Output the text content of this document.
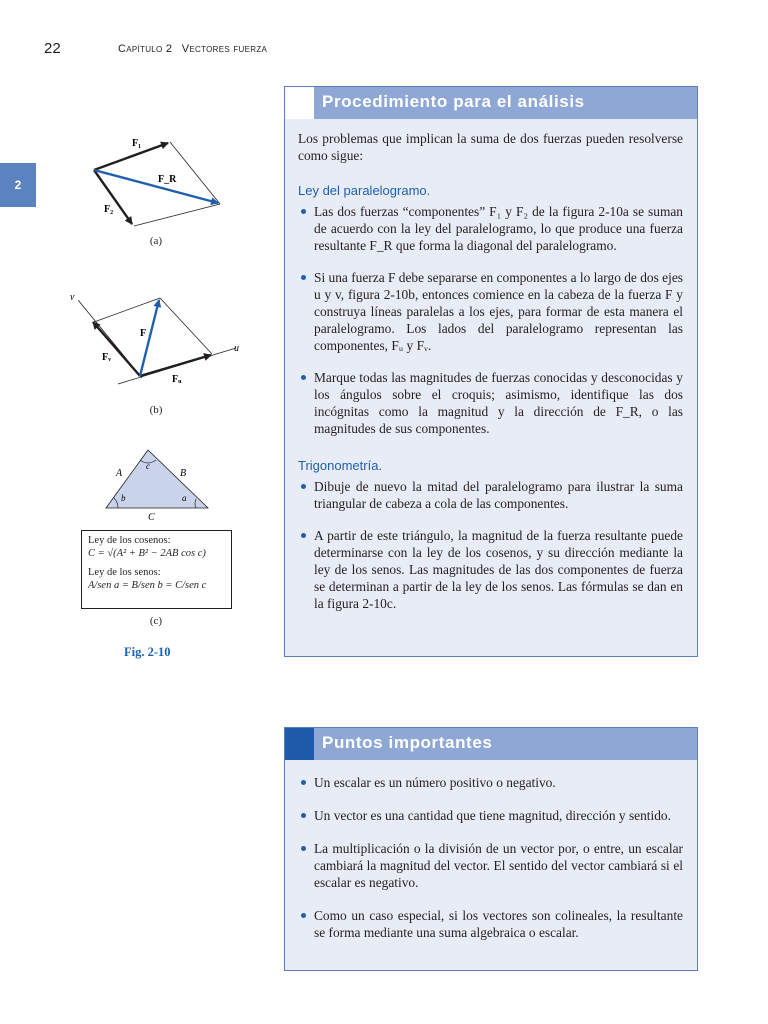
22	Capítulo 2 Vectores fuerza
2
F₁
F_R
F₂
(a)
v
u
F
Fᵥ
Fᵤ
(b)
A	B
C
c
b	a
Ley de los cosenos:
C = √(A² + B² − 2AB cos c)
Ley de los senos:
A/sen a = B/sen b = C/sen c
(c)
Fig. 2-10
Procedimiento para el análisis

Los problemas que implican la suma de dos fuerzas pueden resolverse como sigue:

Ley del paralelogramo.
Las dos fuerzas “componentes” F₁ y F₂ de la figura 2-10a se suman de acuerdo con la ley del paralelogramo, lo que produce una fuerza resultante F_R que forma la diagonal del paralelogramo.
Si una fuerza F debe separarse en componentes a lo largo de dos ejes u y v, figura 2-10b, entonces comience en la cabeza de la fuerza F y construya líneas paralelas a los ejes, para formar de esta manera el paralelogramo. Los lados del paralelogramo representan las componentes, Fᵤ y Fᵥ.
Marque todas las magnitudes de fuerzas conocidas y desconocidas y los ángulos sobre el croquis; asimismo, identifique las dos incógnitas como la magnitud y la dirección de F_R, o las magnitudes de sus componentes.
Trigonometría.
Dibuje de nuevo la mitad del paralelogramo para ilustrar la suma triangular de cabeza a cola de las componentes.
A partir de este triángulo, la magnitud de la fuerza resultante puede determinarse con la ley de los cosenos, y su dirección mediante la ley de los senos. Las magnitudes de las dos componentes de fuerza se determinan a partir de la ley de los senos. Las fórmulas se dan en la figura 2-10c.
Puntos importantes
Un escalar es un número positivo o negativo.
Un vector es una cantidad que tiene magnitud, dirección y sentido.
La multiplicación o la división de un vector por, o entre, un escalar cambiará la magnitud del vector. El sentido del vector cambiará si el escalar es negativo.
Como un caso especial, si los vectores son colineales, la resultante se forma mediante una suma algebraica o escalar.
